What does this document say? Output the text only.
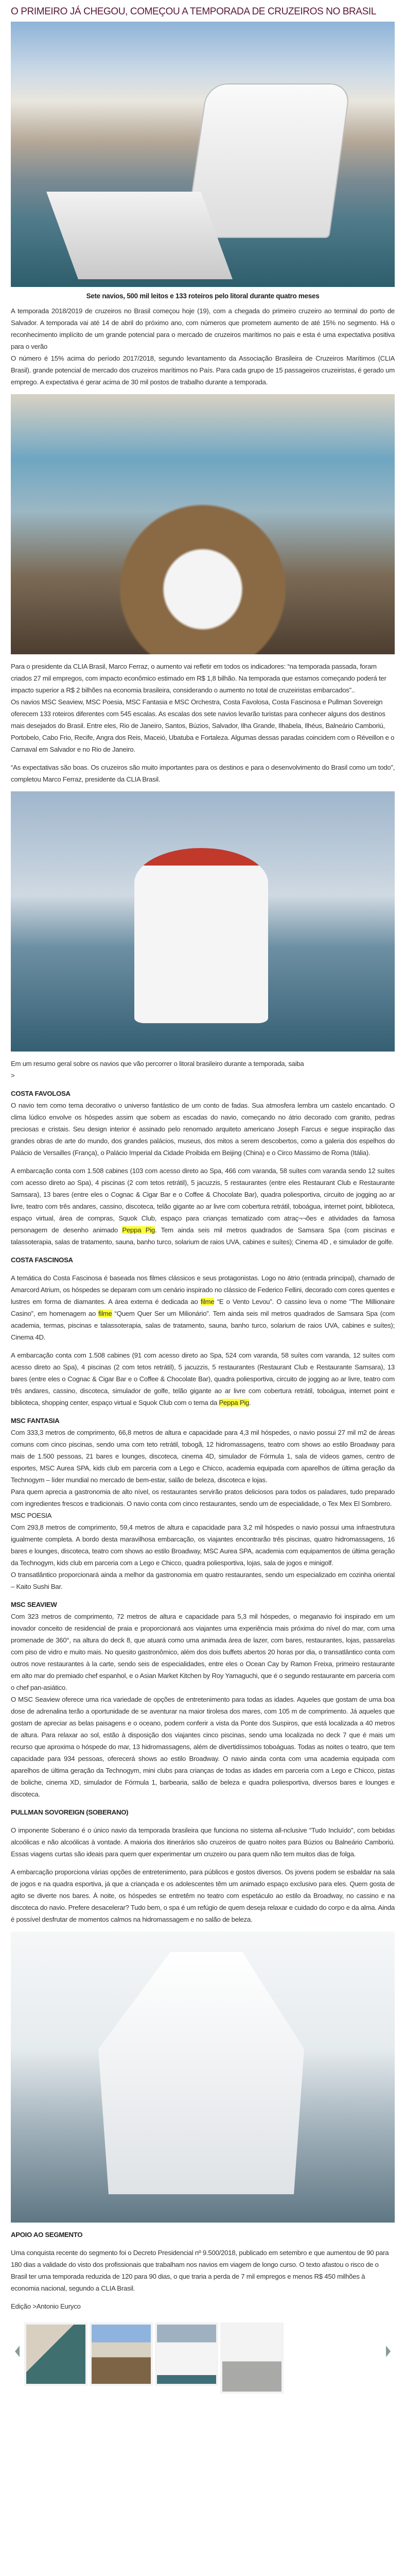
O PRIMEIRO JÁ CHEGOU, COMEÇOU A TEMPORADA DE CRUZEIROS NO BRASIL
Sete navios, 500 mil leitos e 133 roteiros pelo litoral durante quatro meses

A temporada 2018/2019 de cruzeiros no Brasil começou hoje (19), com a chegada do primeiro cruzeiro ao terminal do porto de Salvador. A temporada vai até 14 de abril do próximo ano, com números que prometem aumento de até 15% no segmento. Há o reconhecimento implícito de um grande potencial para o mercado de cruzeiros marítimos no pais e esta é uma expectativa positiva para o verão

O número é 15% acima do período 2017/2018, segundo levantamento da Associação Brasileira de Cruzeiros Marítimos (CLIA Brasil). grande potencial de mercado dos cruzeiros marítimos no País. Para cada grupo de 15 passageiros cruzeiristas, é gerado um emprego. A expectativa é gerar acima de 30 mil postos de trabalho durante a temporada.

Para o presidente da CLIA Brasil, Marco Ferraz, o aumento vai refletir em todos os indicadores: “na temporada passada, foram criados 27 mil empregos, com impacto econômico estimado em R$ 1,8 bilhão. Na temporada que estamos começando poderá ter impacto superior a R$ 2 bilhões na economia brasileira, considerando o aumento no total de cruzeiristas embarcados”..

Os navios MSC Seaview, MSC Poesia, MSC Fantasia e MSC Orchestra, Costa Favolosa, Costa Fascinosa e Pullman Sovereign oferecem 133 roteiros diferentes com 545 escalas. As escalas dos sete navios levarão turistas para conhecer alguns dos destinos mais desejados do Brasil. Entre eles, Rio de Janeiro, Santos, Búzios, Salvador, Ilha Grande, Ilhabela, Ilhéus, Balneário Camboriú, Portobelo, Cabo Frio, Recife, Angra dos Reis, Maceió, Ubatuba e Fortaleza. Algumas dessas paradas coincidem com o Réveillon e o Carnaval em Salvador e no Rio de Janeiro.

“As expectativas são boas. Os cruzeiros são muito importantes para os destinos e para o desenvolvimento do Brasil como um todo”, completou Marco Ferraz, presidente da CLIA Brasil.

Em um resumo geral sobre os navios que vão percorrer o litoral brasileiro durante a temporada, saiba

>

COSTA FAVOLOSA

O navio tem como tema decorativo o universo fantástico de um conto de fadas. Sua atmosfera lembra um castelo encantado. O clima lúdico envolve os hóspedes assim que sobem as escadas do navio, começando no átrio decorado com granito, pedras preciosas e cristais. Seu design interior é assinado pelo renomado arquiteto americano Joseph Farcus e segue inspiração das grandes obras de arte do mundo, dos grandes palácios, museus, dos mitos a serem descobertos, como a galeria dos espelhos do Palácio de Versailles (França), o Palácio Imperial da Cidade Proibida em Beijing (China) e o Circo Massimo de Roma (Itália).

A embarcação conta com 1.508 cabines (103 com acesso direto ao Spa, 466 com varanda, 58 suítes com varanda sendo 12 suítes com acesso direto ao Spa), 4 piscinas (2 com tetos retrátil), 5 jacuzzis, 5 restaurantes (entre eles Restaurant Club e Restaurante Samsara), 13 bares (entre eles o Cognac & Cigar Bar e o Coffee & Chocolate Bar), quadra poliesportiva, circuito de jogging ao ar livre, teatro com três andares, cassino, discoteca, telão gigante ao ar livre com cobertura retrátil, toboágua, internet point, biblioteca, espaço virtual, área de compras, Squok Club, espaço para crianças tematizado com atraç¬¬ões e atividades da famosa personagem de desenho animado Peppa Pig. Tem ainda seis mil metros quadrados de Samsara Spa (com piscinas e talassoterapia, salas de tratamento, sauna, banho turco, solarium de raios UVA, cabines e suítes); Cinema 4D , e simulador de golfe.

COSTA FASCINOSA

A temática do Costa Fascinosa é baseada nos filmes clássicos e seus protagonistas. Logo no átrio (entrada principal), chamado de Amarcord Atrium, os hóspedes se deparam com um cenário inspirado no clássico de Federico Fellini, decorado com cores quentes e lustres em forma de diamantes. A área externa é dedicada ao filme “E o Vento Levou”. O cassino leva o nome "The Millionaire Casino”, em homenagem ao filme “Quem Quer Ser um Milionário”. Tem ainda seis mil metros quadrados de Samsara Spa (com academia, termas, piscinas e talassoterapia, salas de tratamento, sauna, banho turco, solarium de raios UVA, cabines e suítes); Cinema 4D.

A embarcação conta com 1.508 cabines (91 com acesso direto ao Spa, 524 com varanda, 58 suítes com varanda, 12 suítes com acesso direto ao Spa), 4 piscinas (2 com tetos retrátil), 5 jacuzzis, 5 restaurantes (Restaurant Club e Restaurante Samsara), 13 bares (entre eles o Cognac & Cigar Bar e o Coffee & Chocolate Bar), quadra poliesportiva, circuito de jogging ao ar livre, teatro com três andares, cassino, discoteca, simulador de golfe, telão gigante ao ar livre com cobertura retrátil, toboágua, internet point e biblioteca, shopping center, espaço virtual e Squok Club com o tema da Peppa Pig.

MSC FANTASIA

Com 333,3 metros de comprimento, 66,8 metros de altura e capacidade para 4,3 mil hóspedes, o navio possui 27 mil m2 de áreas comuns com cinco piscinas, sendo uma com teto retrátil, tobogã, 12 hidromassagens, teatro com shows ao estilo Broadway para mais de 1.500 pessoas, 21 bares e lounges, discoteca, cinema 4D, simulador de Fórmula 1, sala de vídeos games, centro de esportes, MSC Aurea SPA, kids club em parceria com a Lego e Chicco, academia equipada com aparelhos de última geração da Technogym – líder mundial no mercado de bem-estar, salão de beleza, discoteca e lojas.

Para quem aprecia a gastronomia de alto nível, os restaurantes servirão pratos deliciosos para todos os paladares, tudo preparado com ingredientes frescos e tradicionais. O navio conta com cinco restaurantes, sendo um de especialidade, o Tex Mex El Sombrero.

MSC POESIA

Com 293,8 metros de comprimento, 59,4 metros de altura e capacidade para 3,2 mil hóspedes o navio possui uma infraestrutura igualmente completa. A bordo desta maravilhosa embarcação, os viajantes encontrarão três piscinas, quatro hidromassagens, 16 bares e lounges, discoteca, teatro com shows ao estilo Broadway, MSC Aurea SPA, academia com equipamentos de última geração da Technogym, kids club em parceria com a Lego e Chicco, quadra poliesportiva, lojas, sala de jogos e minigolf.

O transatlântico proporcionará ainda a melhor da gastronomia em quatro restaurantes, sendo um especializado em cozinha oriental – Kaito Sushi Bar.

MSC SEAVIEW

Com 323 metros de comprimento, 72 metros de altura e capacidade para 5,3 mil hóspedes, o meganavio foi inspirado em um inovador conceito de residencial de praia e proporcionará aos viajantes uma experiência mais próxima do nível do mar, com uma promenade de 360°, na altura do deck 8, que atuará como uma animada área de lazer, com bares, restaurantes, lojas, passarelas com piso de vidro e muito mais. No quesito gastronômico, além dos dois buffets abertos 20 horas por dia, o transatlântico conta com outros nove restaurantes à la carte, sendo seis de especialidades, entre eles o Ocean Cay by Ramon Freixa, primeiro restaurante em alto mar do premiado chef espanhol, e o Asian Market Kitchen by Roy Yamaguchi, que é o segundo restaurante em parceria com o chef pan-asiático.

O MSC Seaview oferece uma rica variedade de opções de entretenimento para todas as idades. Aqueles que gostam de uma boa dose de adrenalina terão a oportunidade de se aventurar na maior tirolesa dos mares, com 105 m de comprimento. Já aqueles que gostam de apreciar as belas paisagens e o oceano, podem conferir a vista da Ponte dos Suspiros, que está localizada a 40 metros de altura. Para relaxar ao sol, estão à disposição dos viajantes cinco piscinas, sendo uma localizada no deck 7 que é mais um recurso que aproxima o hóspede do mar, 13 hidromassagens, além de divertidíssimos toboáguas. Todas as noites o teatro, que tem capacidade para 934 pessoas, oferecerá shows ao estilo Broadway. O navio ainda conta com uma academia equipada com aparelhos de última geração da Technogym, mini clubs para crianças de todas as idades em parceria com a Lego e Chicco, pistas de boliche, cinema XD, simulador de Fórmula 1, barbearia, salão de beleza e quadra poliesportiva, diversos bares e lounges e discoteca.

PULLMAN SOVOREIGN (SOBERANO)

O imponente Soberano é o único navio da temporada brasileira que funciona no sistema all-nclusive “Tudo Incluído”, com bebidas alcoólicas e não alcoólicas à vontade. A maioria dos itinerários são cruzeiros de quatro noites para Búzios ou Balneário Camboriú. Essas viagens curtas são ideais para quem quer experimentar um cruzeiro ou para quem não tem muitos dias de folga.

A embarcação proporciona várias opções de entretenimento, para públicos e gostos diversos. Os jovens podem se esbaldar na sala de jogos e na quadra esportiva, já que a criançada e os adolescentes têm um animado espaço exclusivo para eles. Quem gosta de agito se diverte nos bares. À noite, os hóspedes se entretêm no teatro com espetáculo ao estilo da Broadway, no cassino e na discoteca do navio. Prefere desacelerar? Tudo bem, o spa é um refúgio de quem deseja relaxar e cuidado do corpo e da alma. Ainda é possível desfrutar de momentos calmos na hidromassagem e no salão de beleza.

APOIO AO SEGMENTO

Uma conquista recente do segmento foi o Decreto Presidencial nº 9.500/2018, publicado em setembro e que aumentou de 90 para 180 dias a validade do visto dos profissionais que trabalham nos navios em viagem de longo curso. O texto afastou o risco de o Brasil ter uma temporada reduzida de 120 para 90 dias, o que traria a perda de 7 mil empregos e menos R$ 450 milhões à economia nacional, segundo a CLIA Brasil.

Edição >Antonio Euryco
